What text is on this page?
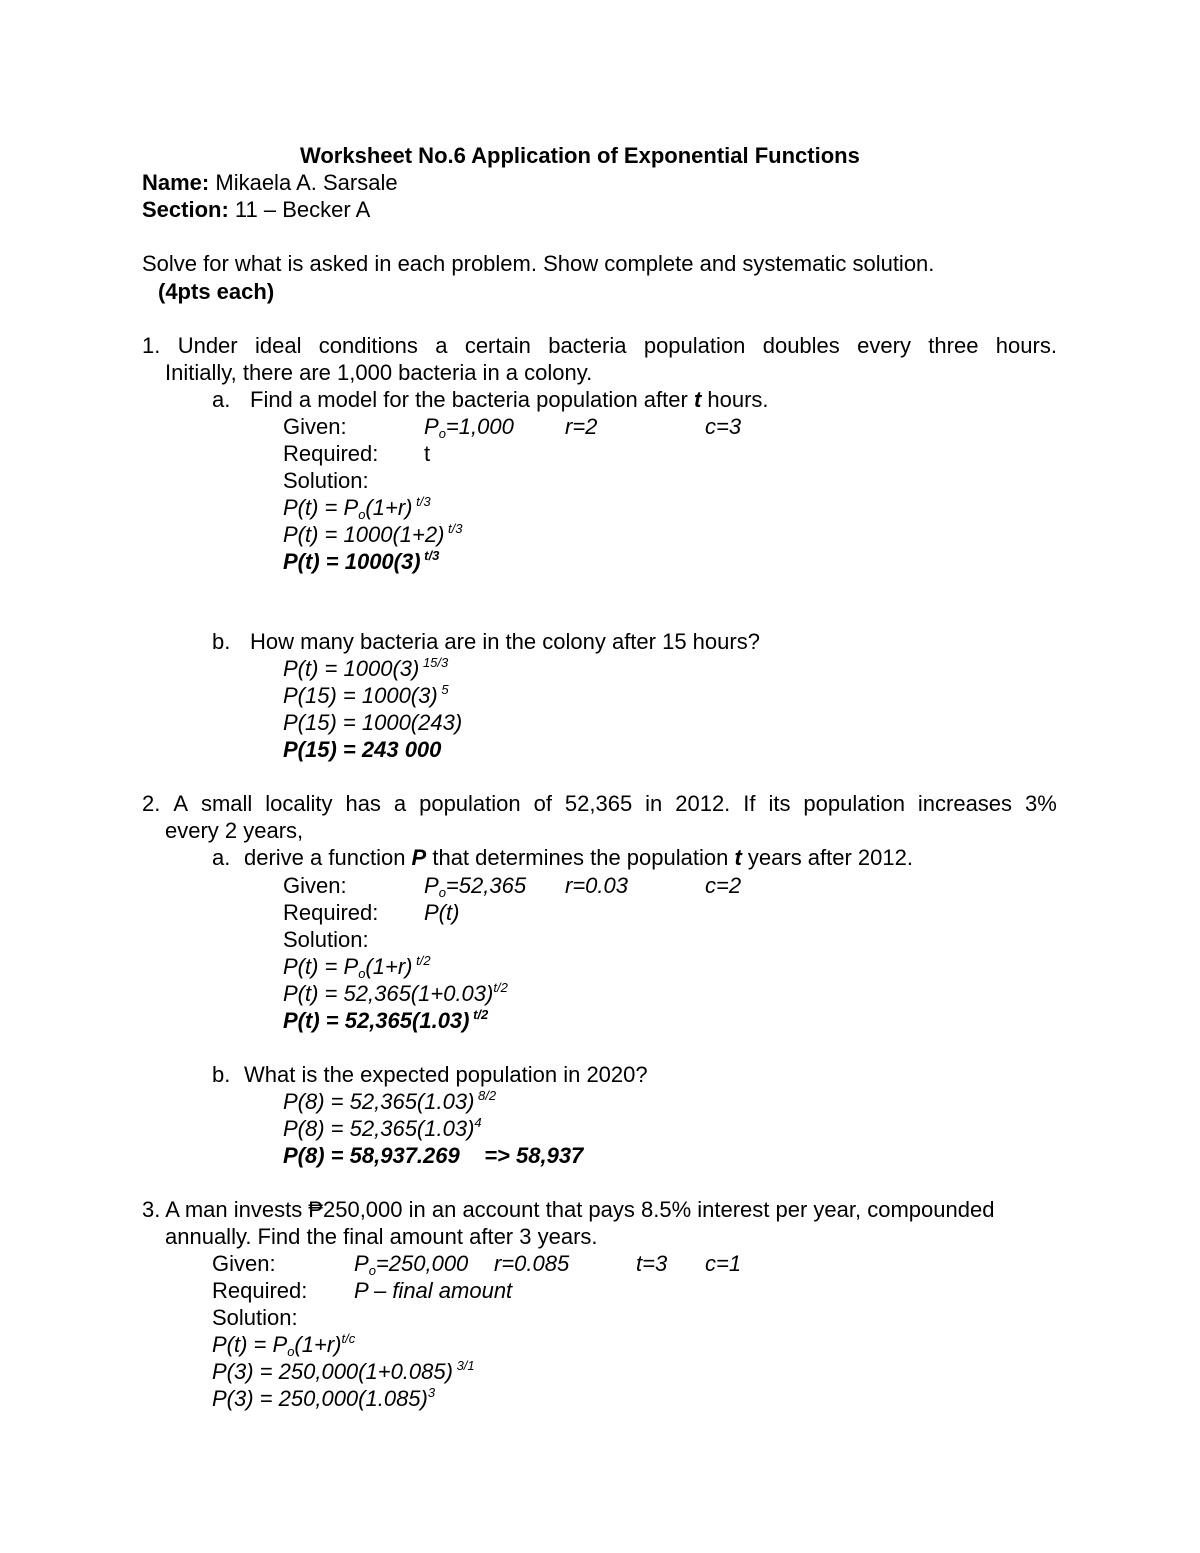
Worksheet No.6 Application of Exponential Functions
Name: Mikaela A. Sarsale
Section: 11 – Becker A
Solve for what is asked in each problem. Show complete and systematic solution.
(4pts each)
1. Under ideal conditions a certain bacteria population doubles every three hours.
Initially, there are 1,000 bacteria in a colony.
a. Find a model for the bacteria population after t hours.
Given:	$P_o=1,000$ r=2	c=3
Required: t
Solution:
$P(t) = P_o(1+r)$ $^{t/3}$
P(t) = 1000(1+2) $^{t/3}$
P(t) = 1000(3) $^{t/3}$
b. How many bacteria are in the colony after 15 hours?
P(t) = 1000(3) $^{15/3}$
P(15) = 1000(3) $^5$
P(15) = 1000(243)
P(15) = 243 000
2. A small locality has a population of 52,365 in 2012. If its population increases 3%
every 2 years,
a. derive a function P that determines the population t years after 2012.
Given:	$P_o=52,365$ r=0.03	c=2
Required: P(t)
Solution:
$P(t) = P_o(1+r)$ $^{t/2}$
$P(t) = 52,365(1+0.03)^{t/2}$
P(t) = 52,365(1.03) $^{t/2}$
b. What is the expected population in 2020?
P(8) = 52,365(1.03) $^{8/2}$
$P(8) = 52,365(1.03)^4$
P(8) = 58,937.269    => 58,937
3. A man invests ₱250,000 in an account that pays 8.5% interest per year, compounded
annually. Find the final amount after 3 years.
Given:	$P_o=250,000$ r=0.085	t=3 c=1
Required: P – final amount
Solution:
$P(t) = P_o(1+r)^{t/c}$
P(3) = 250,000(1+0.085) $^{3/1}$
$P(3) = 250,000(1.085)^3$
